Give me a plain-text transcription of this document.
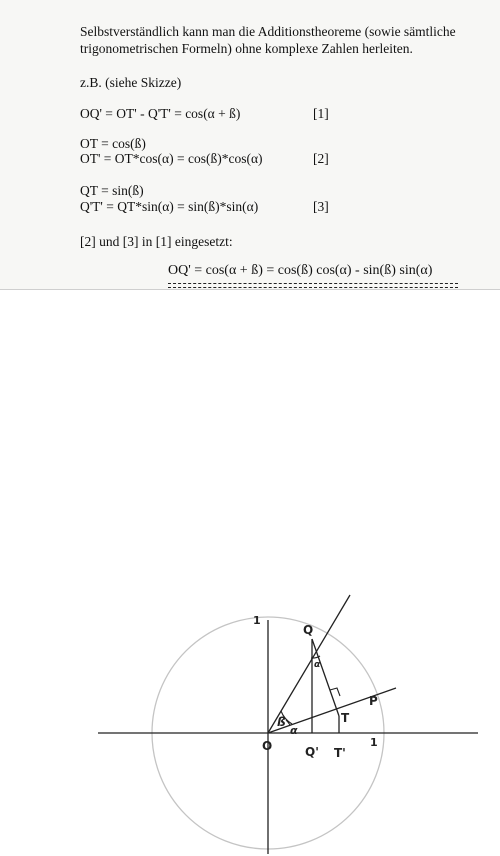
Selbstverständlich kann man die Additionstheoreme (sowie sämtliche
trigonometrischen Formeln) ohne komplexe Zahlen herleiten.
z.B. (siehe Skizze)
OQ' = OT' - Q'T' = cos(α + ß)	[1]
OT = cos(ß)
OT' = OT*cos(α) = cos(ß)*cos(α)	[2]
QT = sin(ß)
Q'T' = QT*sin(α) = sin(ß)*sin(α)	[3]
[2] und [3] in [1] eingesetzt:
OQ' = cos(α + ß) = cos(ß) cos(α) - sin(ß) sin(α)
Q
P
T
O	Q' T'
1
1
ß
α
α
